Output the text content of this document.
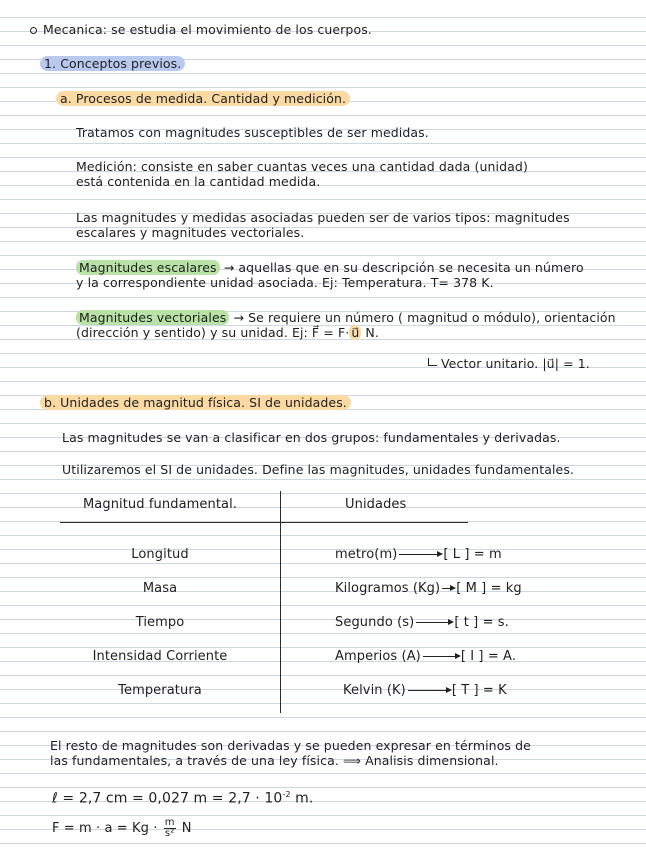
Mecanica: se estudia el movimiento de los cuerpos.
1. Conceptos previos.
a. Procesos de medida. Cantidad y medición.
Tratamos con magnitudes susceptibles de ser medidas.
Medición: consiste en saber cuantas veces una cantidad dada (unidad)
está contenida en la cantidad medida.
Las magnitudes y medidas asociadas pueden ser de varios tipos: magnitudes
escalares y magnitudes vectoriales.
Magnitudes escalares → aquellas que en su descripción se necesita un número
y la correspondiente unidad asociada. Ej: Temperatura. T= 378 K.
Magnitudes vectoriales → Se requiere un número ( magnitud o módulo), orientación
(dirección y sentido) y su unidad. Ej: F⃗ = F· u⃗ N.
Vector unitario. |u⃗| = 1.
b. Unidades de magnitud física. SI de unidades.
Las magnitudes se van a clasificar en dos grupos: fundamentales y derivadas.
Utilizaremos el SI de unidades. Define las magnitudes, unidades fundamentales.
Magnitud fundamental.	Unidades
Longitud	metro(m)	[ L ] = m
Masa	Kilogramos (Kg) [ M ] = kg
Tiempo	Segundo (s)	[ t ] = s.
Intensidad Corriente	Amperios (A)	[ I ] = A.
Temperatura	Kelvin (K)	[ T ] = K
El resto de magnitudes son derivadas y se pueden expresar en términos de
las fundamentales, a través de una ley física. ⟹ Analisis dimensional.
ℓ = 2,7 cm = 0,027 $m = 2,7 \cdot 10^{-2}$ m.
$F = m \cdot a = Kg \cdot \frac{m}{\text{s²}}$ N
